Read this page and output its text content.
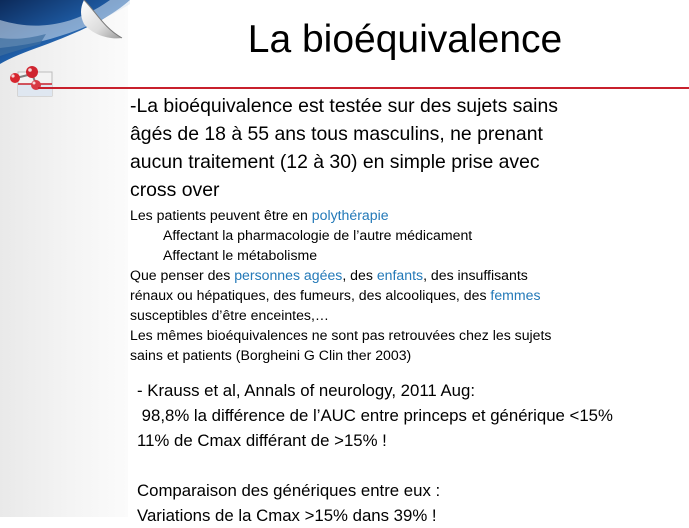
La bioéquivalence

-La bioéquivalence est testée sur des sujets sains
âgés de 18 à 55 ans tous masculins, ne prenant
aucun traitement (12 à 30) en simple prise avec
cross over

Les patients peuvent être en polythérapie
Affectant la pharmacologie de l’autre médicament
Affectant le métabolisme
Que penser des personnes agées, des enfants, des insuffisants
rénaux ou hépatiques, des fumeurs, des alcooliques, des femmes
susceptibles d’être enceintes,…
Les mêmes bioéquivalences ne sont pas retrouvées chez les sujets
sains et patients (Borgheini G Clin ther 2003)
- Krauss et al, Annals of neurology, 2011 Aug:
98,8% la différence de l’AUC entre princeps et générique <15%
11% de Cmax différant de >15% !
Comparaison des génériques entre eux :
Variations de la Cmax >15% dans 39% !
